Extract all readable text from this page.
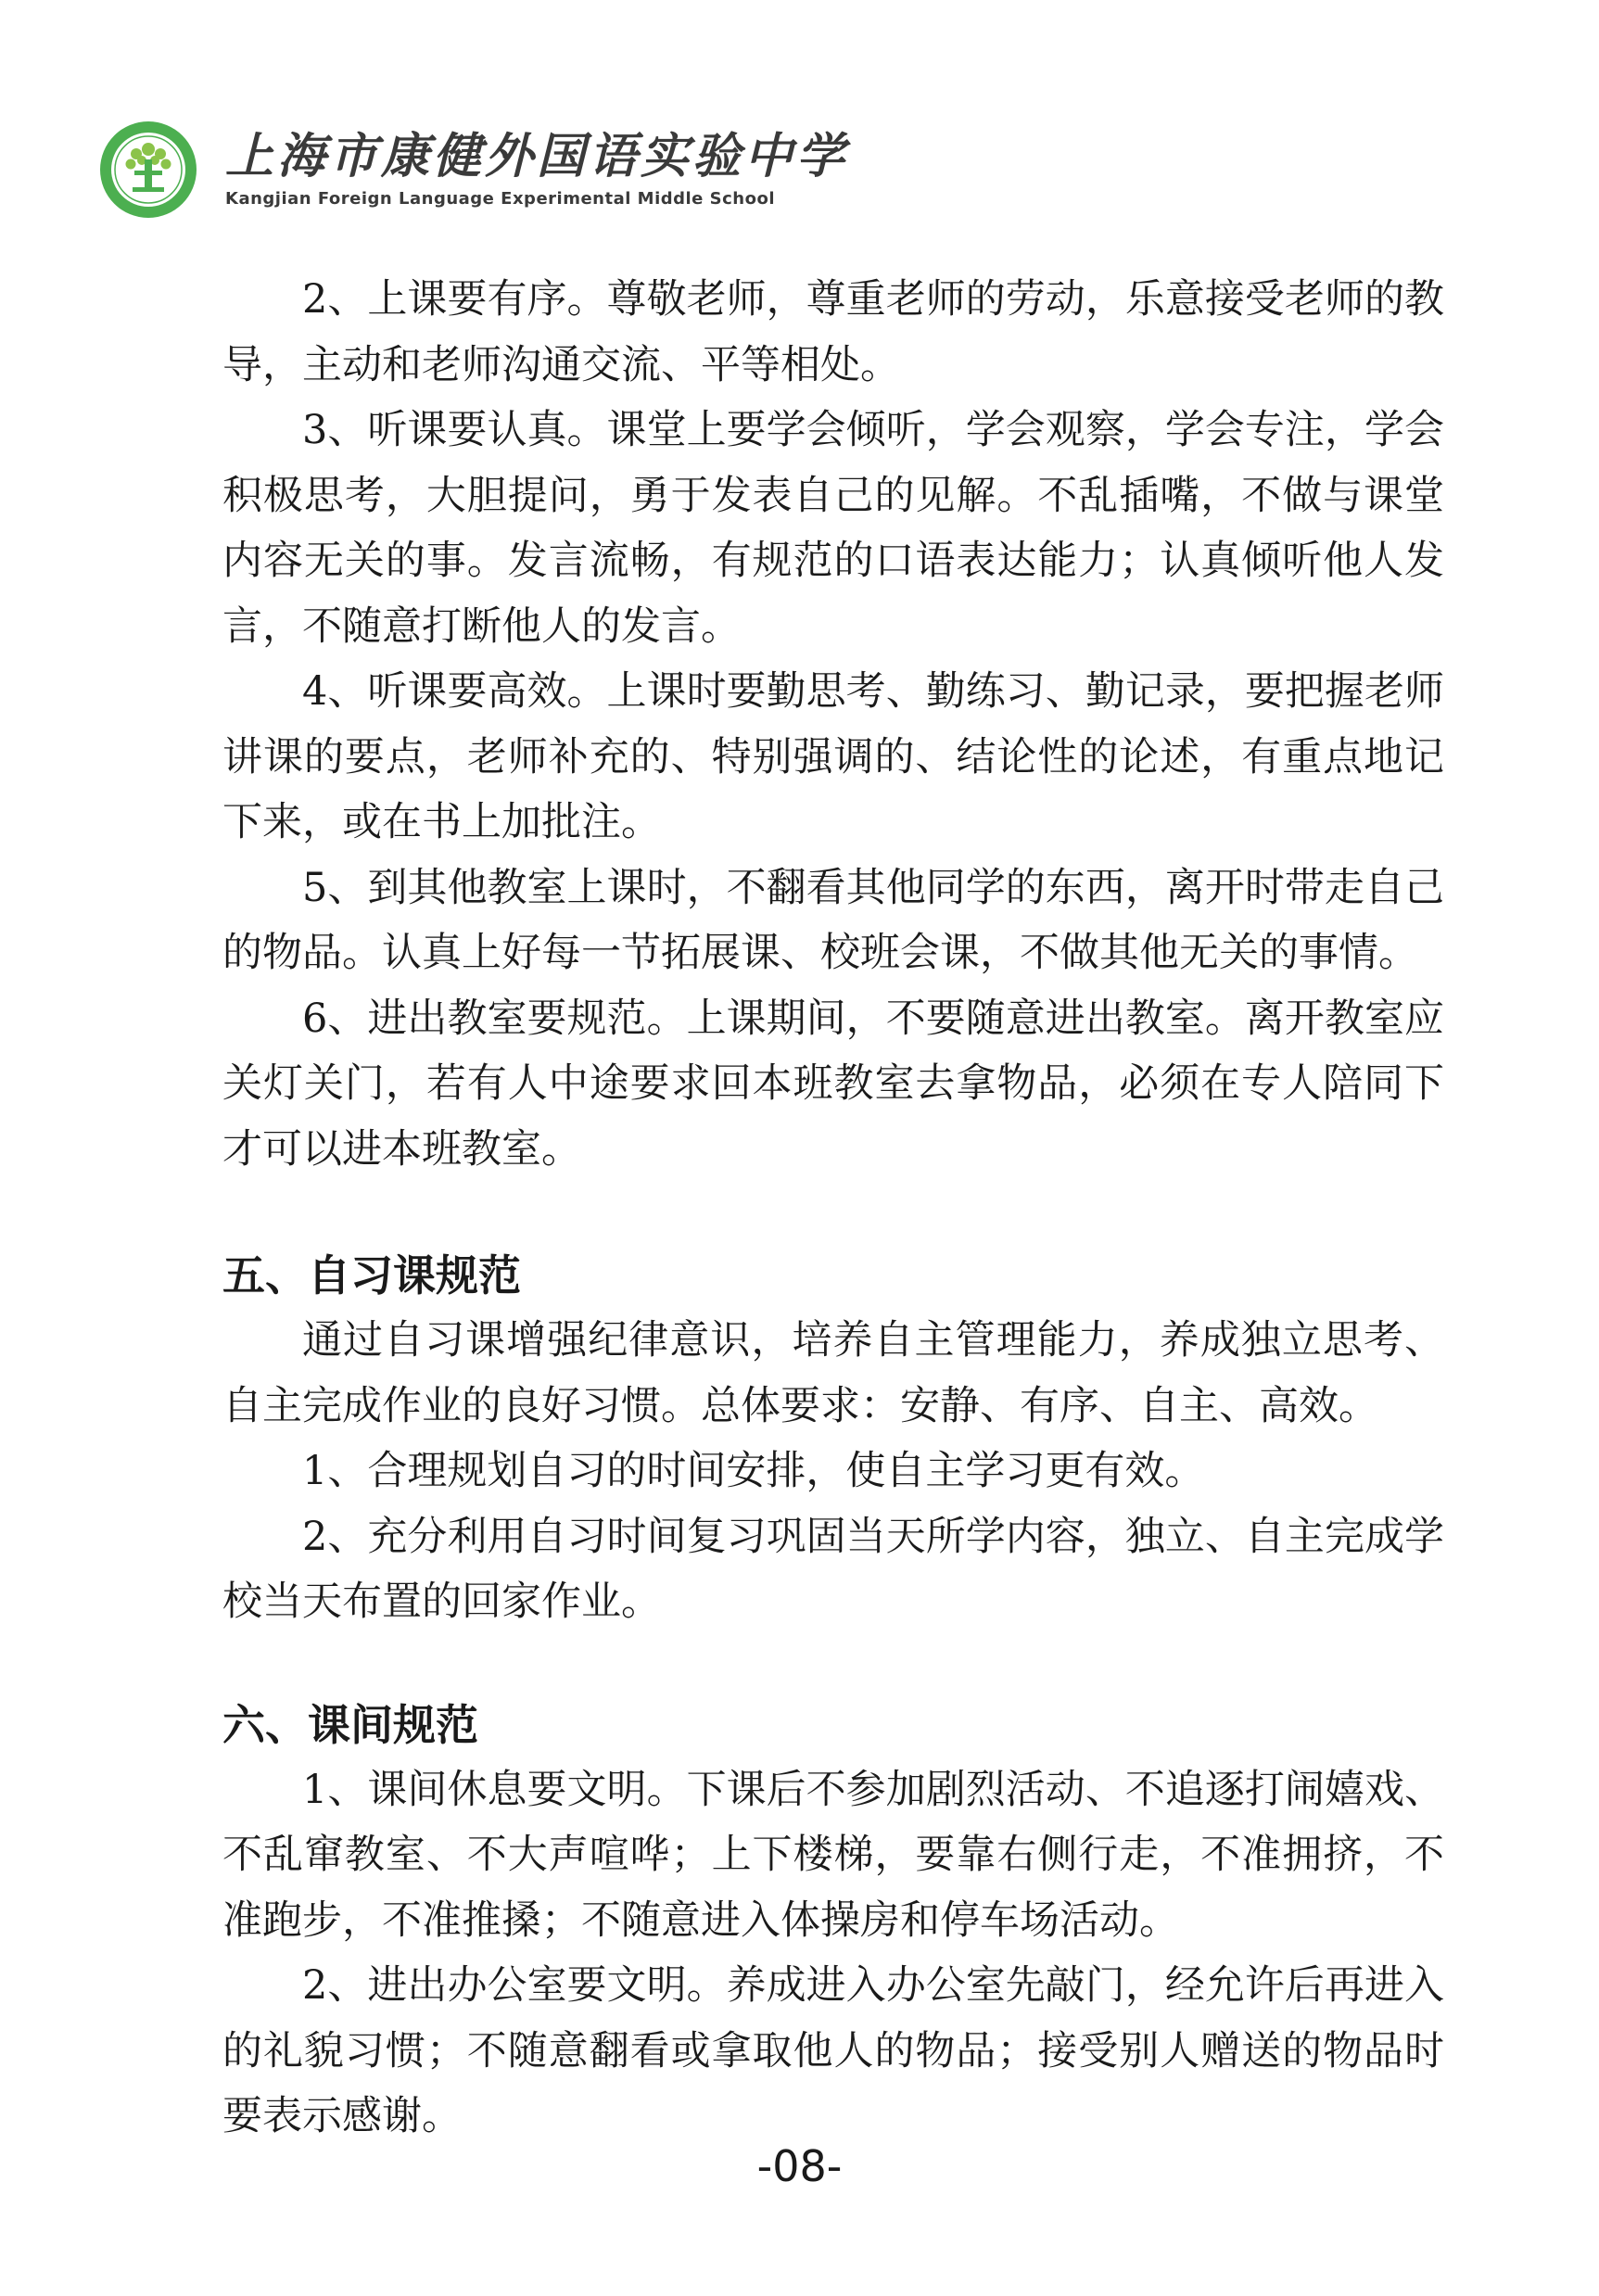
上海市康健外国语实验中学
Kangjian Foreign Language Experimental Middle School

2、上课要有序。尊敬老师，尊重老师的劳动，乐意接受老师的教导，主动和老师沟通交流、平等相处。

3、听课要认真。课堂上要学会倾听，学会观察，学会专注，学会积极思考，大胆提问，勇于发表自己的见解。不乱插嘴，不做与课堂内容无关的事。发言流畅，有规范的口语表达能力；认真倾听他人发言，不随意打断他人的发言。

4、听课要高效。上课时要勤思考、勤练习、勤记录，要把握老师讲课的要点，老师补充的、特别强调的、结论性的论述，有重点地记下来，或在书上加批注。

5、到其他教室上课时，不翻看其他同学的东西，离开时带走自己的物品。认真上好每一节拓展课、校班会课，不做其他无关的事情。

6、进出教室要规范。上课期间，不要随意进出教室。离开教室应关灯关门，若有人中途要求回本班教室去拿物品，必须在专人陪同下才可以进本班教室。

五、自习课规范

通过自习课增强纪律意识，培养自主管理能力，养成独立思考、自主完成作业的良好习惯。总体要求：安静、有序、自主、高效。

1、合理规划自习的时间安排，使自主学习更有效。

2、充分利用自习时间复习巩固当天所学内容，独立、自主完成学校当天布置的回家作业。

六、课间规范

1、课间休息要文明。下课后不参加剧烈活动、不追逐打闹嬉戏、不乱窜教室、不大声喧哗；上下楼梯，要靠右侧行走，不准拥挤，不准跑步，不准推搡；不随意进入体操房和停车场活动。

2、进出办公室要文明。养成进入办公室先敲门，经允许后再进入的礼貌习惯；不随意翻看或拿取他人的物品；接受别人赠送的物品时要表示感谢。

-08-
